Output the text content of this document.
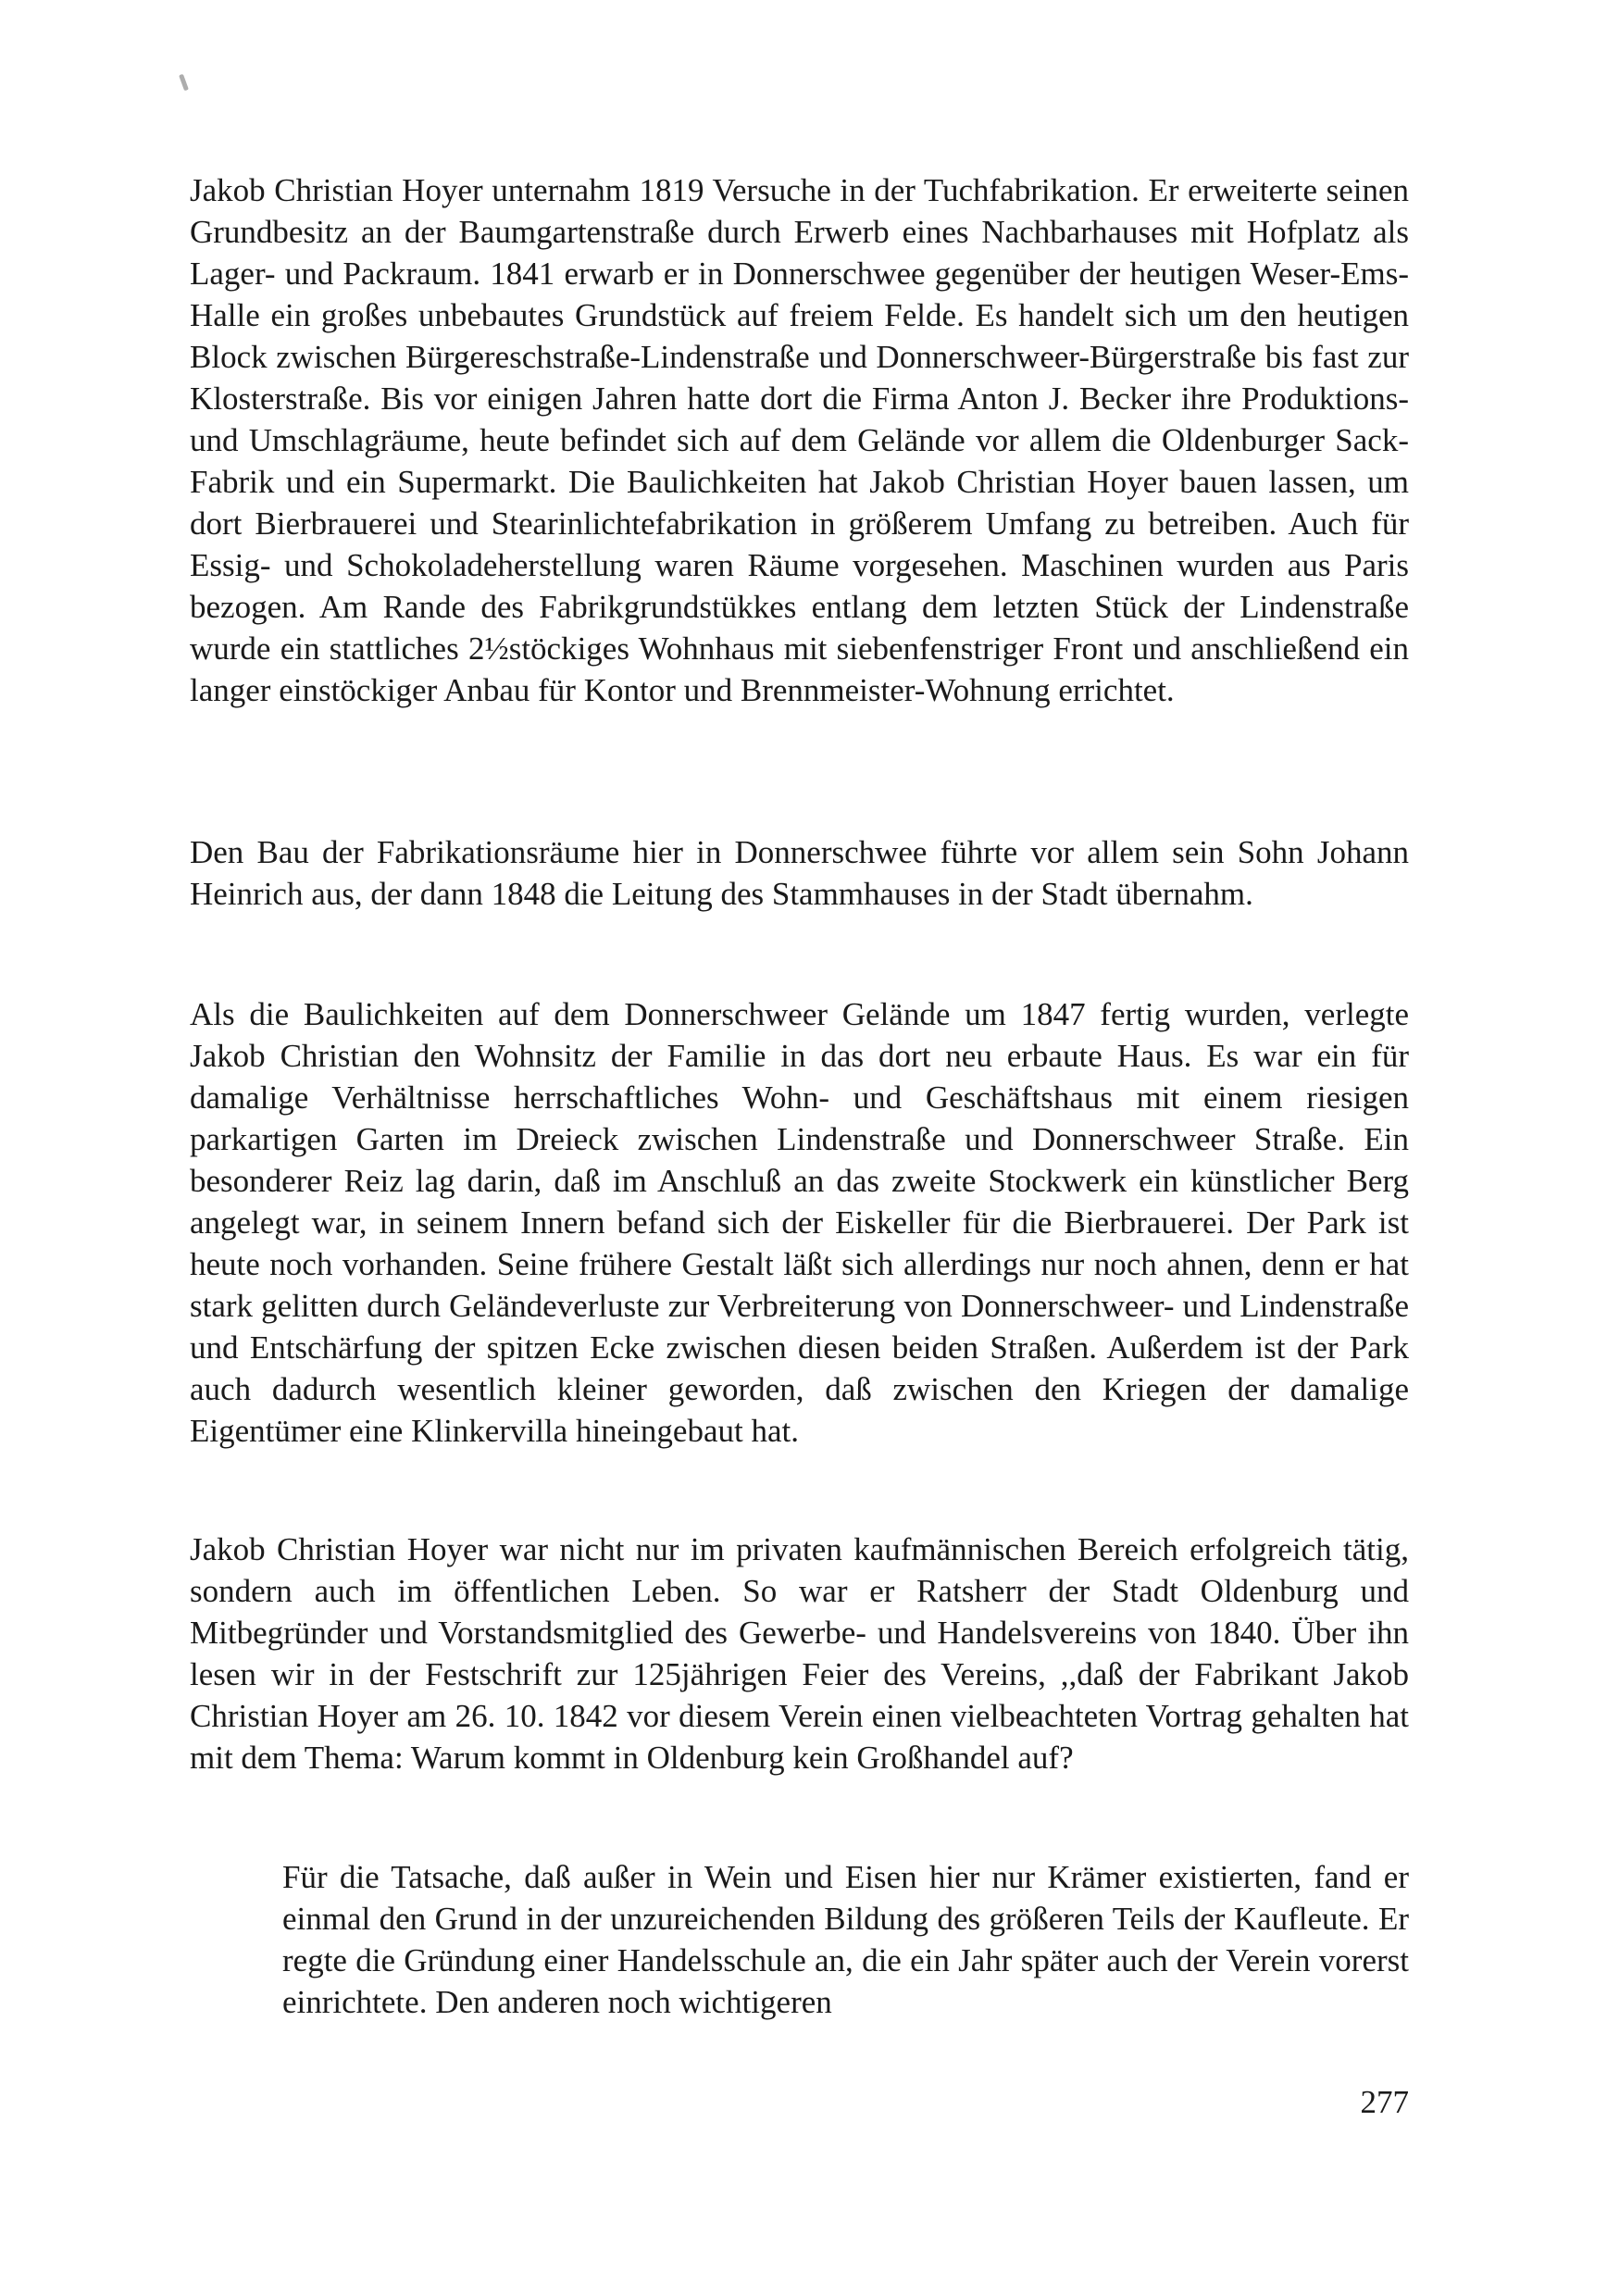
Jakob Christian Hoyer unternahm 1819 Versuche in der Tuchfabrikation. Er erweiterte seinen Grundbesitz an der Baumgartenstraße durch Erwerb eines Nachbarhauses mit Hofplatz als Lager- und Packraum. 1841 erwarb er in Donnerschwee gegenüber der heutigen Weser-Ems-Halle ein großes unbebautes Grundstück auf freiem Felde. Es handelt sich um den heutigen Block zwischen Bürgereschstraße-Lindenstraße und Donnerschweer-Bürgerstraße bis fast zur Klosterstraße. Bis vor einigen Jahren hatte dort die Firma Anton J. Becker ihre Produktions- und Umschlagräume, heute befindet sich auf dem Gelände vor allem die Oldenburger Sack-Fabrik und ein Supermarkt. Die Baulichkeiten hat Jakob Christian Hoyer bauen lassen, um dort Bierbrauerei und Stearinlichtefabrikation in größerem Umfang zu betreiben. Auch für Essig- und Schokoladeherstellung waren Räume vorgesehen. Maschinen wurden aus Paris bezogen. Am Rande des Fabrikgrundstükkes entlang dem letzten Stück der Lindenstraße wurde ein stattliches 2½stöckiges Wohnhaus mit siebenfenstriger Front und anschließend ein langer einstöckiger Anbau für Kontor und Brennmeister-Wohnung errichtet.

Den Bau der Fabrikationsräume hier in Donnerschwee führte vor allem sein Sohn Johann Heinrich aus, der dann 1848 die Leitung des Stammhauses in der Stadt übernahm.

Als die Baulichkeiten auf dem Donnerschweer Gelände um 1847 fertig wurden, verlegte Jakob Christian den Wohnsitz der Familie in das dort neu erbaute Haus. Es war ein für damalige Verhältnisse herrschaftliches Wohn- und Geschäftshaus mit einem riesigen parkartigen Garten im Dreieck zwischen Lindenstraße und Donnerschweer Straße. Ein besonderer Reiz lag darin, daß im Anschluß an das zweite Stockwerk ein künstlicher Berg angelegt war, in seinem Innern befand sich der Eiskeller für die Bierbrauerei. Der Park ist heute noch vorhanden. Seine frühere Gestalt läßt sich allerdings nur noch ahnen, denn er hat stark gelitten durch Geländeverluste zur Verbreiterung von Donnerschweer- und Lindenstraße und Entschärfung der spitzen Ecke zwischen diesen beiden Straßen. Außerdem ist der Park auch dadurch wesentlich kleiner geworden, daß zwischen den Kriegen der damalige Eigentümer eine Klinkervilla hineingebaut hat.

Jakob Christian Hoyer war nicht nur im privaten kaufmännischen Bereich erfolgreich tätig, sondern auch im öffentlichen Leben. So war er Ratsherr der Stadt Oldenburg und Mitbegründer und Vorstandsmitglied des Gewerbe- und Handelsvereins von 1840. Über ihn lesen wir in der Festschrift zur 125jährigen Feier des Vereins, ,,daß der Fabrikant Jakob Christian Hoyer am 26. 10. 1842 vor diesem Verein einen vielbeachteten Vortrag gehalten hat mit dem Thema: Warum kommt in Oldenburg kein Großhandel auf?

Für die Tatsache, daß außer in Wein und Eisen hier nur Krämer existierten, fand er einmal den Grund in der unzureichenden Bildung des größeren Teils der Kaufleute. Er regte die Gründung einer Handelsschule an, die ein Jahr später auch der Verein vorerst einrichtete. Den anderen noch wichtigeren

277
